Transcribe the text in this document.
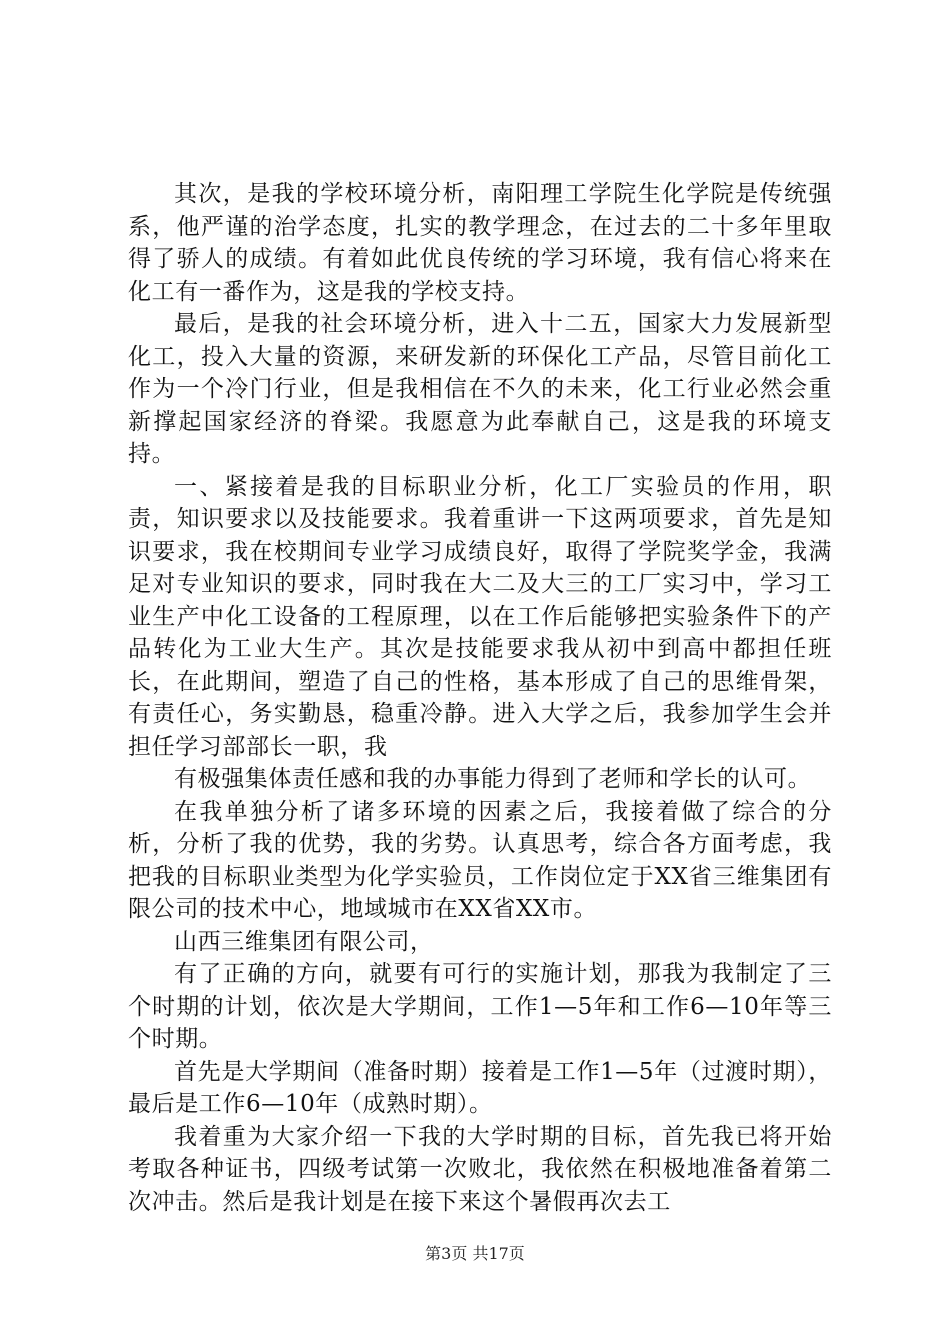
其次，是我的学校环境分析，南阳理工学院生化学院是传统强系，他严谨的治学态度，扎实的教学理念，在过去的二十多年里取得了骄人的成绩。有着如此优良传统的学习环境，我有信心将来在化工有一番作为，这是我的学校支持。

最后，是我的社会环境分析，进入十二五，国家大力发展新型化工，投入大量的资源，来研发新的环保化工产品，尽管目前化工作为一个冷门行业，但是我相信在不久的未来，化工行业必然会重新撑起国家经济的脊梁。我愿意为此奉献自己，这是我的环境支持。

一、紧接着是我的目标职业分析，化工厂实验员的作用，职责，知识要求以及技能要求。我着重讲一下这两项要求，首先是知识要求，我在校期间专业学习成绩良好，取得了学院奖学金，我满足对专业知识的要求，同时我在大二及大三的工厂实习中，学习工业生产中化工设备的工程原理，以在工作后能够把实验条件下的产品转化为工业大生产。其次是技能要求我从初中到高中都担任班长，在此期间，塑造了自己的性格，基本形成了自己的思维骨架，有责任心，务实勤恳，稳重冷静。进入大学之后，我参加学生会并担任学习部部长一职，我

有极强集体责任感和我的办事能力得到了老师和学长的认可。

在我单独分析了诸多环境的因素之后，我接着做了综合的分析，分析了我的优势，我的劣势。认真思考，综合各方面考虑，我把我的目标职业类型为化学实验员，工作岗位定于XX省三维集团有限公司的技术中心，地域城市在XX省XX市。

山西三维集团有限公司，

有了正确的方向，就要有可行的实施计划，那我为我制定了三个时期的计划，依次是大学期间，工作1—5年和工作6—10年等三个时期。

首先是大学期间（准备时期）接着是工作1—5年（过渡时期），最后是工作6—10年（成熟时期）。

我着重为大家介绍一下我的大学时期的目标，首先我已将开始考取各种证书，四级考试第一次败北，我依然在积极地准备着第二次冲击。然后是我计划是在接下来这个暑假再次去工

第3页 共17页
